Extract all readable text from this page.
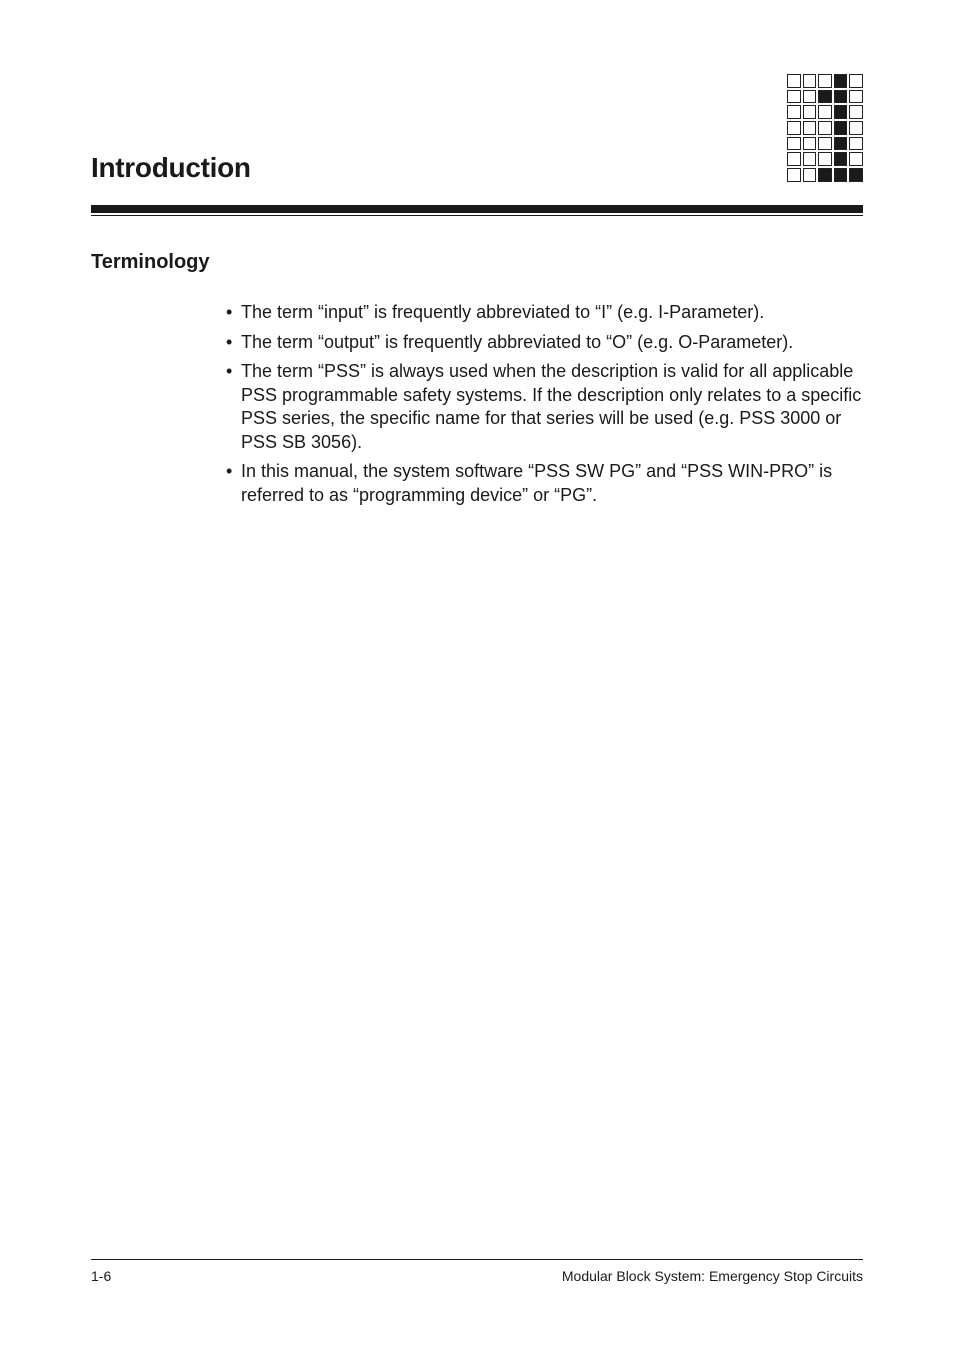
Introduction
Terminology
• The term “input” is frequently abbreviated to “I” (e.g. I-Parameter).
• The term “output” is frequently abbreviated to “O” (e.g. O-Parameter).
• The term “PSS” is always used when the description is valid for all applicable PSS programmable safety systems. If the description only relates to a specific PSS series, the specific name for that series will be used (e.g. PSS 3000 or PSS SB 3056).
• In this manual, the system software “PSS SW PG” and “PSS WIN-PRO” is referred to as “programming device” or “PG”.
1-6	Modular Block System: Emergency Stop Circuits
